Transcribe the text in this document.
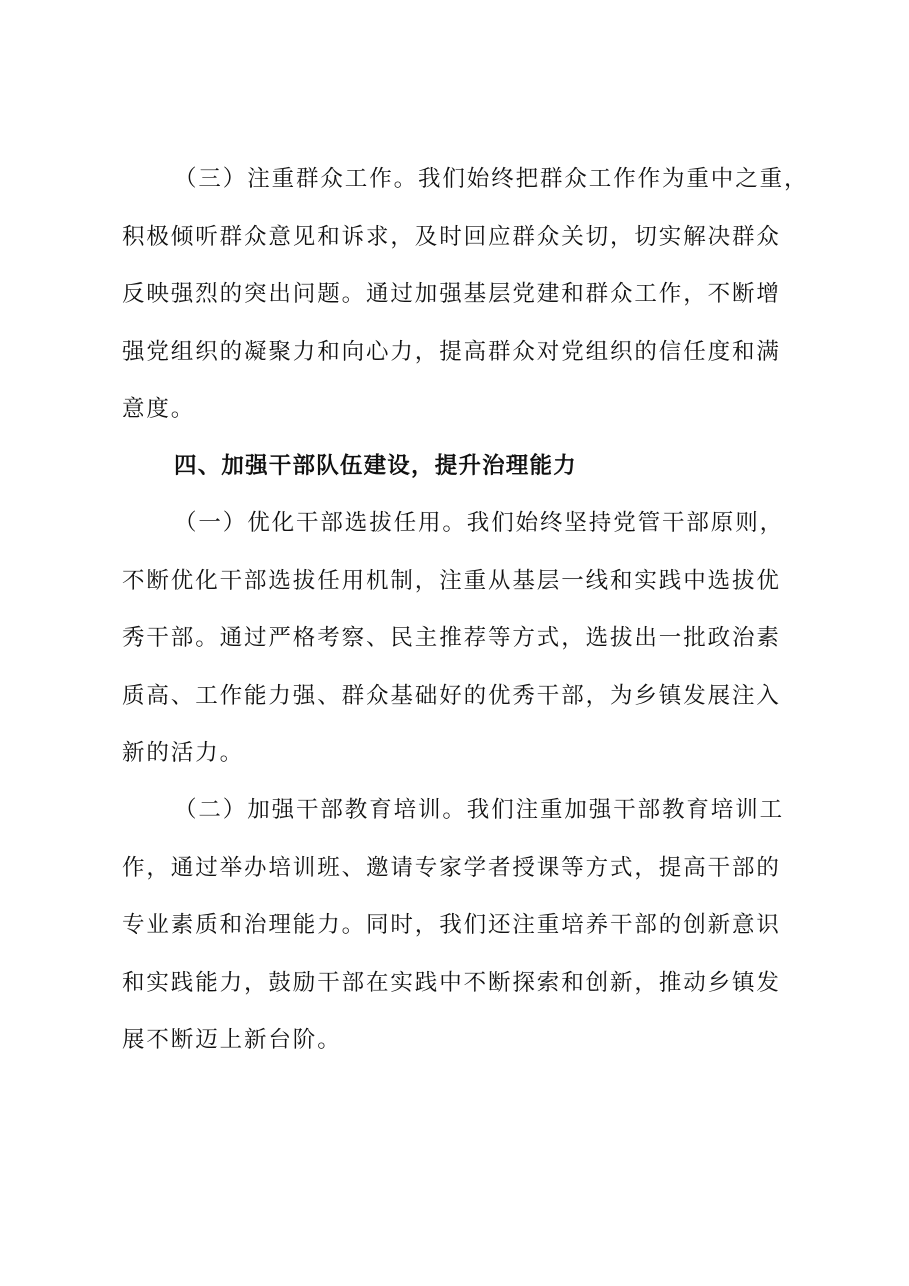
（三）注重群众工作。我们始终把群众工作作为重中之重，
积极倾听群众意见和诉求，及时回应群众关切，切实解决群众
反映强烈的突出问题。通过加强基层党建和群众工作，不断增
强党组织的凝聚力和向心力，提高群众对党组织的信任度和满
意度。
四、加强干部队伍建设，提升治理能力
（一）优化干部选拔任用。我们始终坚持党管干部原则，
不断优化干部选拔任用机制，注重从基层一线和实践中选拔优
秀干部。通过严格考察、民主推荐等方式，选拔出一批政治素
质高、工作能力强、群众基础好的优秀干部，为乡镇发展注入
新的活力。
（二）加强干部教育培训。我们注重加强干部教育培训工
作，通过举办培训班、邀请专家学者授课等方式，提高干部的
专业素质和治理能力。同时，我们还注重培养干部的创新意识
和实践能力，鼓励干部在实践中不断探索和创新，推动乡镇发
展不断迈上新台阶。
